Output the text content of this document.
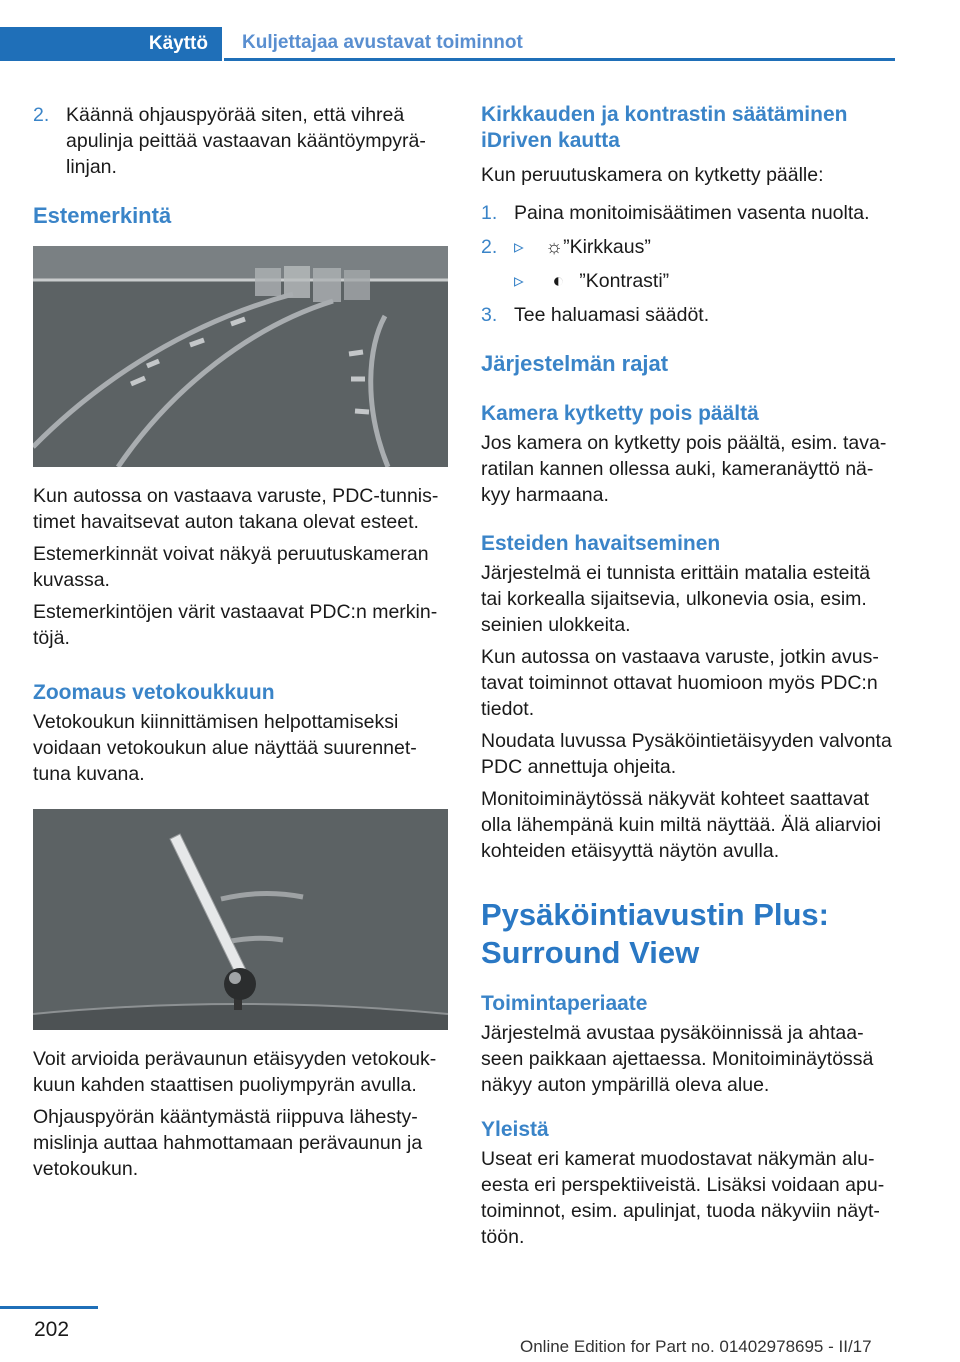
Käyttö	Kuljettajaa avustavat toiminnot
2. Käännä ohjauspyörää siten, että vihreä apulinja peittää vastaavan kääntöympyrälinjan.
Estemerkintä

Kun autossa on vastaava varuste, PDC-tunnistimet havaitsevat auton takana olevat esteet.

Estemerkinnät voivat näkyä peruutuskameran kuvassa.

Estemerkintöjen värit vastaavat PDC:n merkintöjä.

Zoomaus vetokoukkuun

Vetokoukun kiinnittämisen helpottamiseksi voidaan vetokoukun alue näyttää suurennettuna kuvana.

Voit arvioida perävaunun etäisyyden vetokoukkuun kahden staattisen puoliympyrän avulla.

Ohjauspyörän kääntymästä riippuva lähestymislinja auttaa hahmottamaan perävaunun ja vetokoukun.

Kirkkauden ja kontrastin säätäminen iDriven kautta

Kun peruutuskamera on kytketty päälle:

1. Paina monitoimisäätimen vasenta nuolta.
2. ▹ ☼”Kirkkaus”
▹ ◐ ”Kontrasti”
3. Tee haluamasi säädöt.
Järjestelmän rajat
Kamera kytketty pois päältä

Jos kamera on kytketty pois päältä, esim. tavaratilan kannen ollessa auki, kameranäyttö näkyy harmaana.

Esteiden havaitseminen

Järjestelmä ei tunnista erittäin matalia esteitä tai korkealla sijaitsevia, ulkonevia osia, esim. seinien ulokkeita.

Kun autossa on vastaava varuste, jotkin avustavat toiminnot ottavat huomioon myös PDC:n tiedot.

Noudata luvussa Pysäköintietäisyyden valvonta PDC annettuja ohjeita.

Monitoiminäytössä näkyvät kohteet saattavat olla lähempänä kuin miltä näyttää. Älä aliarvioi kohteiden etäisyyttä näytön avulla.

Pysäköintiavustin Plus: Surround View
Toimintaperiaate

Järjestelmä avustaa pysäköinnissä ja ahtaaseen paikkaan ajettaessa. Monitoiminäytössä näkyy auton ympärillä oleva alue.

Yleistä

Useat eri kamerat muodostavat näkymän alueesta eri perspektiiveistä. Lisäksi voidaan aputoiminnot, esim. apulinjat, tuoda näkyviin näyttöön.

202
Online Edition for Part no. 01402978695 - II/17
